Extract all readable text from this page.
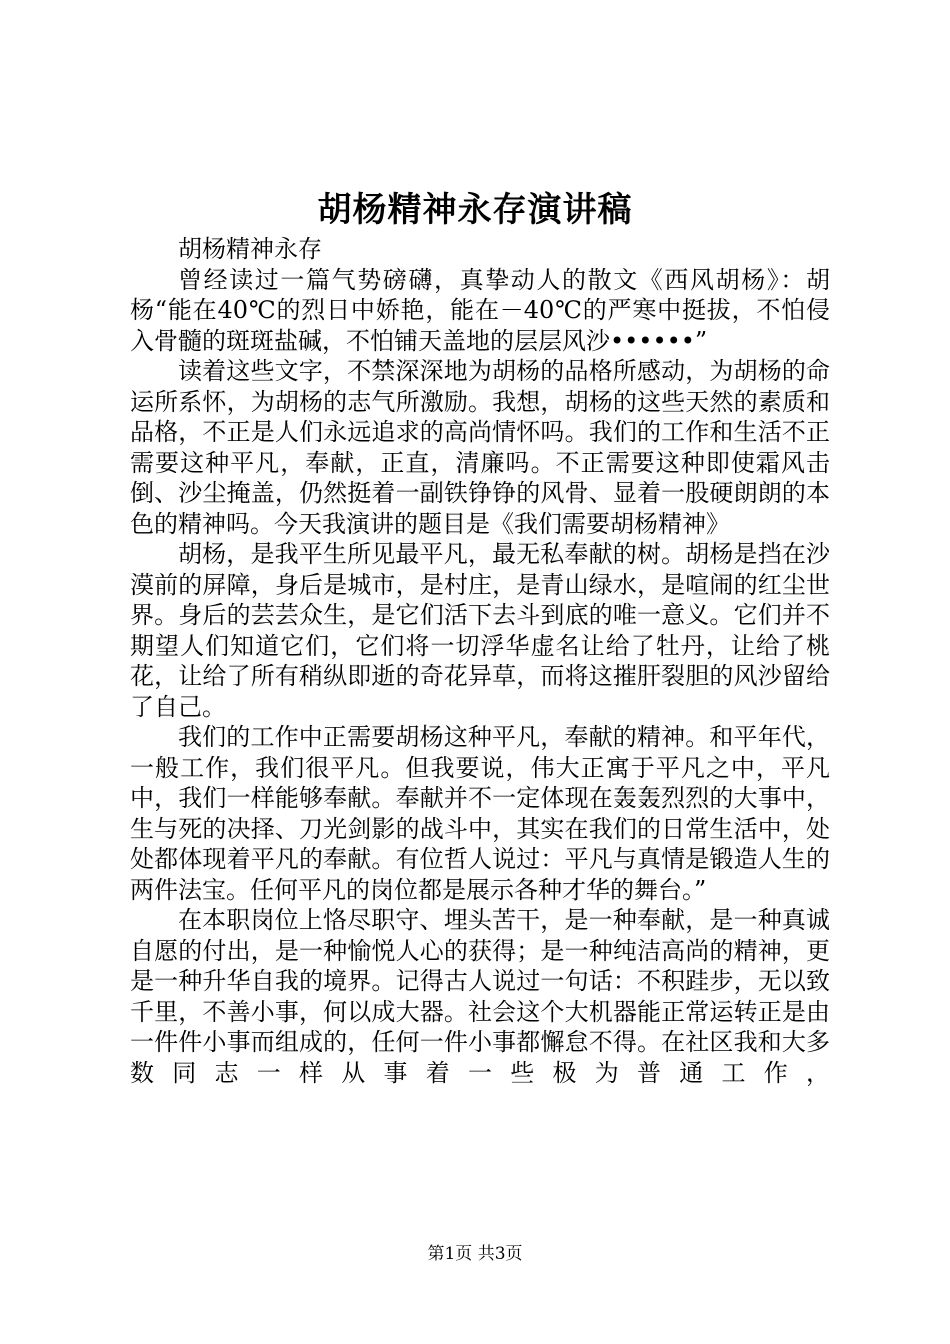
胡杨精神永存演讲稿

胡杨精神永存

曾经读过一篇气势磅礴，真挚动人的散文《西风胡杨》：胡杨“能在40℃的烈日中娇艳，能在－40℃的严寒中挺拔，不怕侵入骨髓的斑斑盐碱，不怕铺天盖地的层层风沙••••••”

读着这些文字，不禁深深地为胡杨的品格所感动，为胡杨的命运所系怀，为胡杨的志气所激励。我想，胡杨的这些天然的素质和品格，不正是人们永远追求的高尚情怀吗。我们的工作和生活不正需要这种平凡，奉献，正直，清廉吗。不正需要这种即使霜风击倒、沙尘掩盖，仍然挺着一副铁铮铮的风骨、显着一股硬朗朗的本色的精神吗。今天我演讲的题目是《我们需要胡杨精神》

胡杨，是我平生所见最平凡，最无私奉献的树。胡杨是挡在沙漠前的屏障，身后是城市，是村庄，是青山绿水，是喧闹的红尘世界。身后的芸芸众生，是它们活下去斗到底的唯一意义。它们并不期望人们知道它们，它们将一切浮华虚名让给了牡丹，让给了桃花，让给了所有稍纵即逝的奇花异草，而将这摧肝裂胆的风沙留给了自己。

我们的工作中正需要胡杨这种平凡，奉献的精神。和平年代，一般工作，我们很平凡。但我要说，伟大正寓于平凡之中，平凡中，我们一样能够奉献。奉献并不一定体现在轰轰烈烈的大事中，生与死的决择、刀光剑影的战斗中，其实在我们的日常生活中，处处都体现着平凡的奉献。有位哲人说过：平凡与真情是锻造人生的两件法宝。任何平凡的岗位都是展示各种才华的舞台。”

在本职岗位上恪尽职守、埋头苦干，是一种奉献，是一种真诚自愿的付出，是一种愉悦人心的获得；是一种纯洁高尚的精神，更是一种升华自我的境界。记得古人说过一句话：不积跬步，无以致千里，不善小事，何以成大器。社会这个大机器能正常运转正是由一件件小事而组成的，任何一件小事都懈怠不得。在社区我和大多数同志一样从事着一些极为普通工作，

第1页 共3页
